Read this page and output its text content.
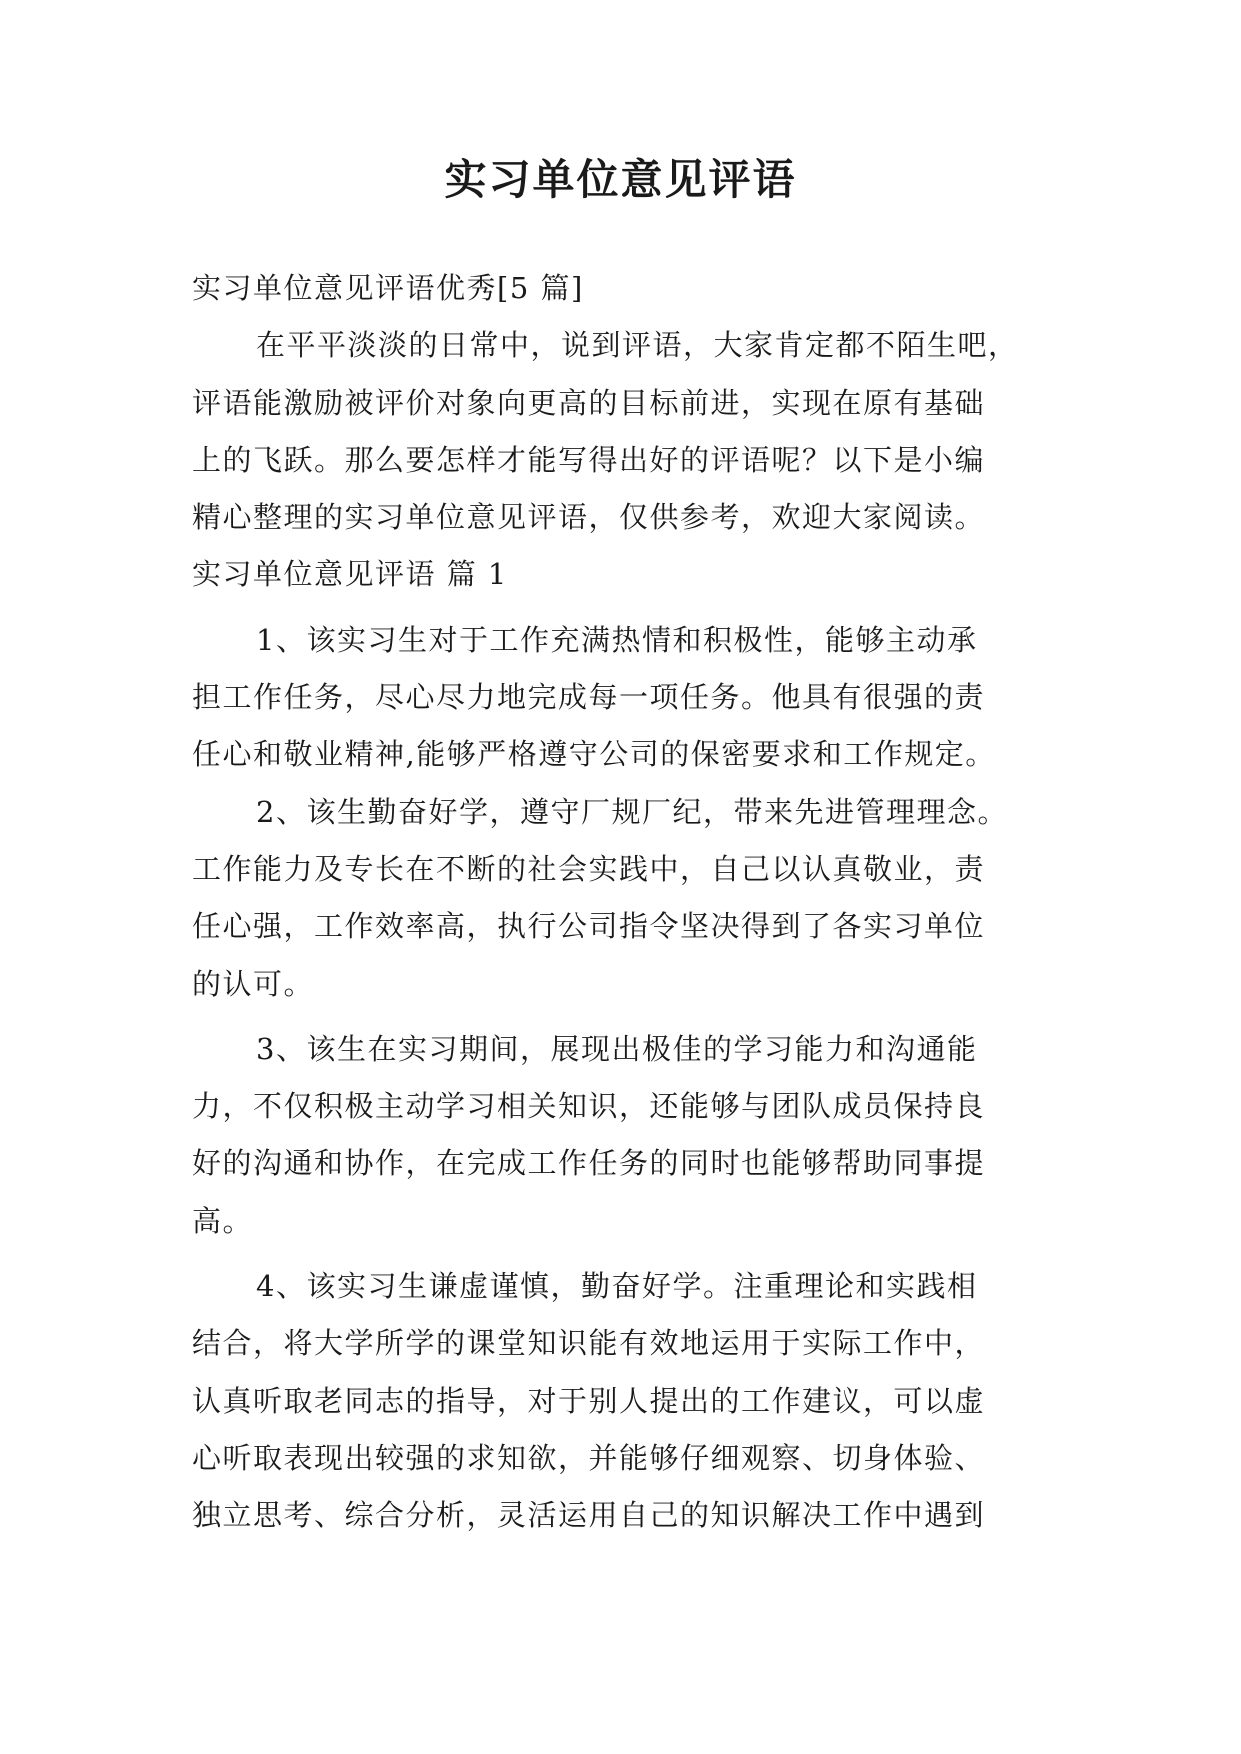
实习单位意见评语
实习单位意见评语优秀[5 篇]
在平平淡淡的日常中，说到评语，大家肯定都不陌生吧，
评语能激励被评价对象向更高的目标前进，实现在原有基础
上的飞跃。那么要怎样才能写得出好的评语呢？以下是小编
精心整理的实习单位意见评语，仅供参考，欢迎大家阅读。
实习单位意见评语 篇 1
1、该实习生对于工作充满热情和积极性，能够主动承
担工作任务，尽心尽力地完成每一项任务。他具有很强的责
任心和敬业精神,能够严格遵守公司的保密要求和工作规定。
2、该生勤奋好学，遵守厂规厂纪，带来先进管理理念。
工作能力及专长在不断的社会实践中，自己以认真敬业，责
任心强，工作效率高，执行公司指令坚决得到了各实习单位
的认可。
3、该生在实习期间，展现出极佳的学习能力和沟通能
力，不仅积极主动学习相关知识，还能够与团队成员保持良
好的沟通和协作，在完成工作任务的同时也能够帮助同事提
高。
4、该实习生谦虚谨慎，勤奋好学。注重理论和实践相
结合，将大学所学的课堂知识能有效地运用于实际工作中，
认真听取老同志的指导，对于别人提出的工作建议，可以虚
心听取表现出较强的求知欲，并能够仔细观察、切身体验、
独立思考、综合分析，灵活运用自己的知识解决工作中遇到
